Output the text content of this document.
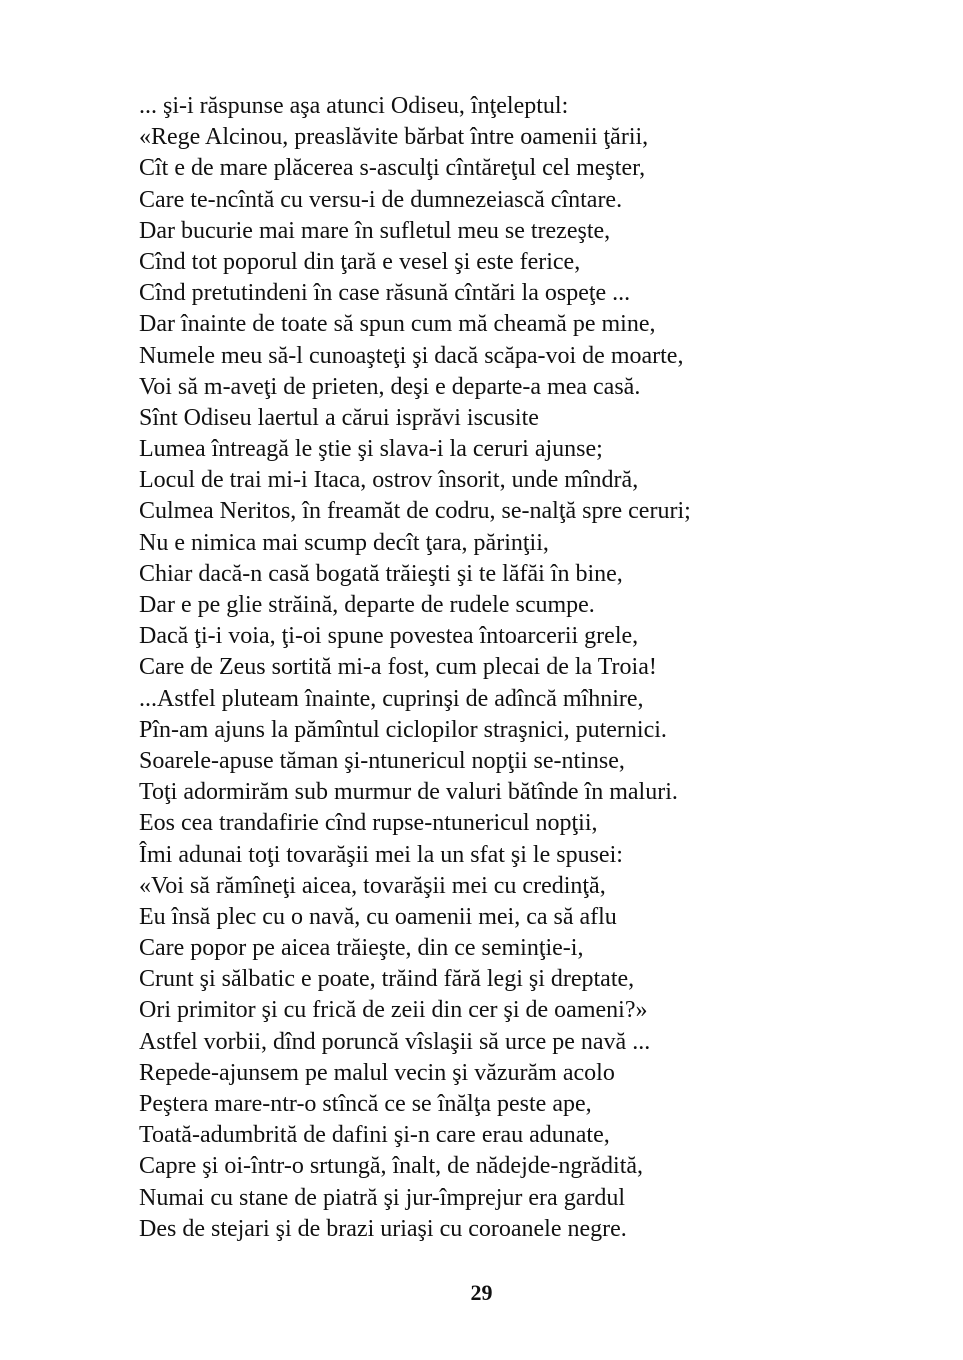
... şi-i răspunse aşa atunci Odiseu, înţeleptul:
«Rege Alcinou, preaslăvite bărbat între oamenii ţării,
Cît e de mare plăcerea s-asculţi cîntăreţul cel meşter,
Care te-ncîntă cu versu-i de dumnezeiască cîntare.
Dar bucurie mai mare în sufletul meu se trezeşte,
Cînd tot poporul din ţară e vesel şi este ferice,
Cînd pretutindeni în case răsună cîntări la ospeţe ...
Dar înainte de toate să spun cum mă cheamă pe mine,
Numele meu să-l cunoaşteţi şi dacă scăpa-voi de moarte,
Voi să m-aveţi de prieten, deşi e departe-a mea casă.
Sînt Odiseu laertul a cărui isprăvi iscusite
Lumea întreagă le ştie şi slava-i la ceruri ajunse;
Locul de trai mi-i Itaca, ostrov însorit, unde mîndră,
Culmea Neritos, în freamăt de codru, se-nalţă spre ceruri;
Nu e nimica mai scump decît ţara, părinţii,
Chiar dacă-n casă bogată trăieşti şi te lăfăi în bine,
Dar e pe glie străină, departe de rudele scumpe.
Dacă ţi-i voia, ţi-oi spune povestea întoarcerii grele,
Care de Zeus sortită mi-a fost, cum plecai de la Troia!
...Astfel pluteam înainte, cuprinşi de adîncă mîhnire,
Pîn-am ajuns la pămîntul ciclopilor straşnici, puternici.
Soarele-apuse tăman şi-ntunericul nopţii se-ntinse,
Toţi adormirăm sub murmur de valuri bătînde în maluri.
Eos cea trandafirie cînd rupse-ntunericul nopţii,
Îmi adunai toţi tovarăşii mei la un sfat şi le spusei:
«Voi să rămîneţi aicea, tovarăşii mei cu credinţă,
Eu însă plec cu o navă, cu oamenii mei, ca să aflu
Care popor pe aicea trăieşte, din ce seminţie-i,
Crunt şi sălbatic e poate, trăind fără legi şi dreptate,
Ori primitor şi cu frică de zeii din cer şi de oameni?»
Astfel vorbii, dînd poruncă vîslaşii să urce pe navă ...
Repede-ajunsem pe malul vecin şi văzurăm acolo
Peştera mare-ntr-o stîncă ce se înălţa peste ape,
Toată-adumbrită de dafini şi-n care erau adunate,
Capre şi oi-într-o srtungă, înalt, de nădejde-ngrădită,
Numai cu stane de piatră şi jur-împrejur era gardul
Des de stejari şi de brazi uriaşi cu coroanele negre.
29
